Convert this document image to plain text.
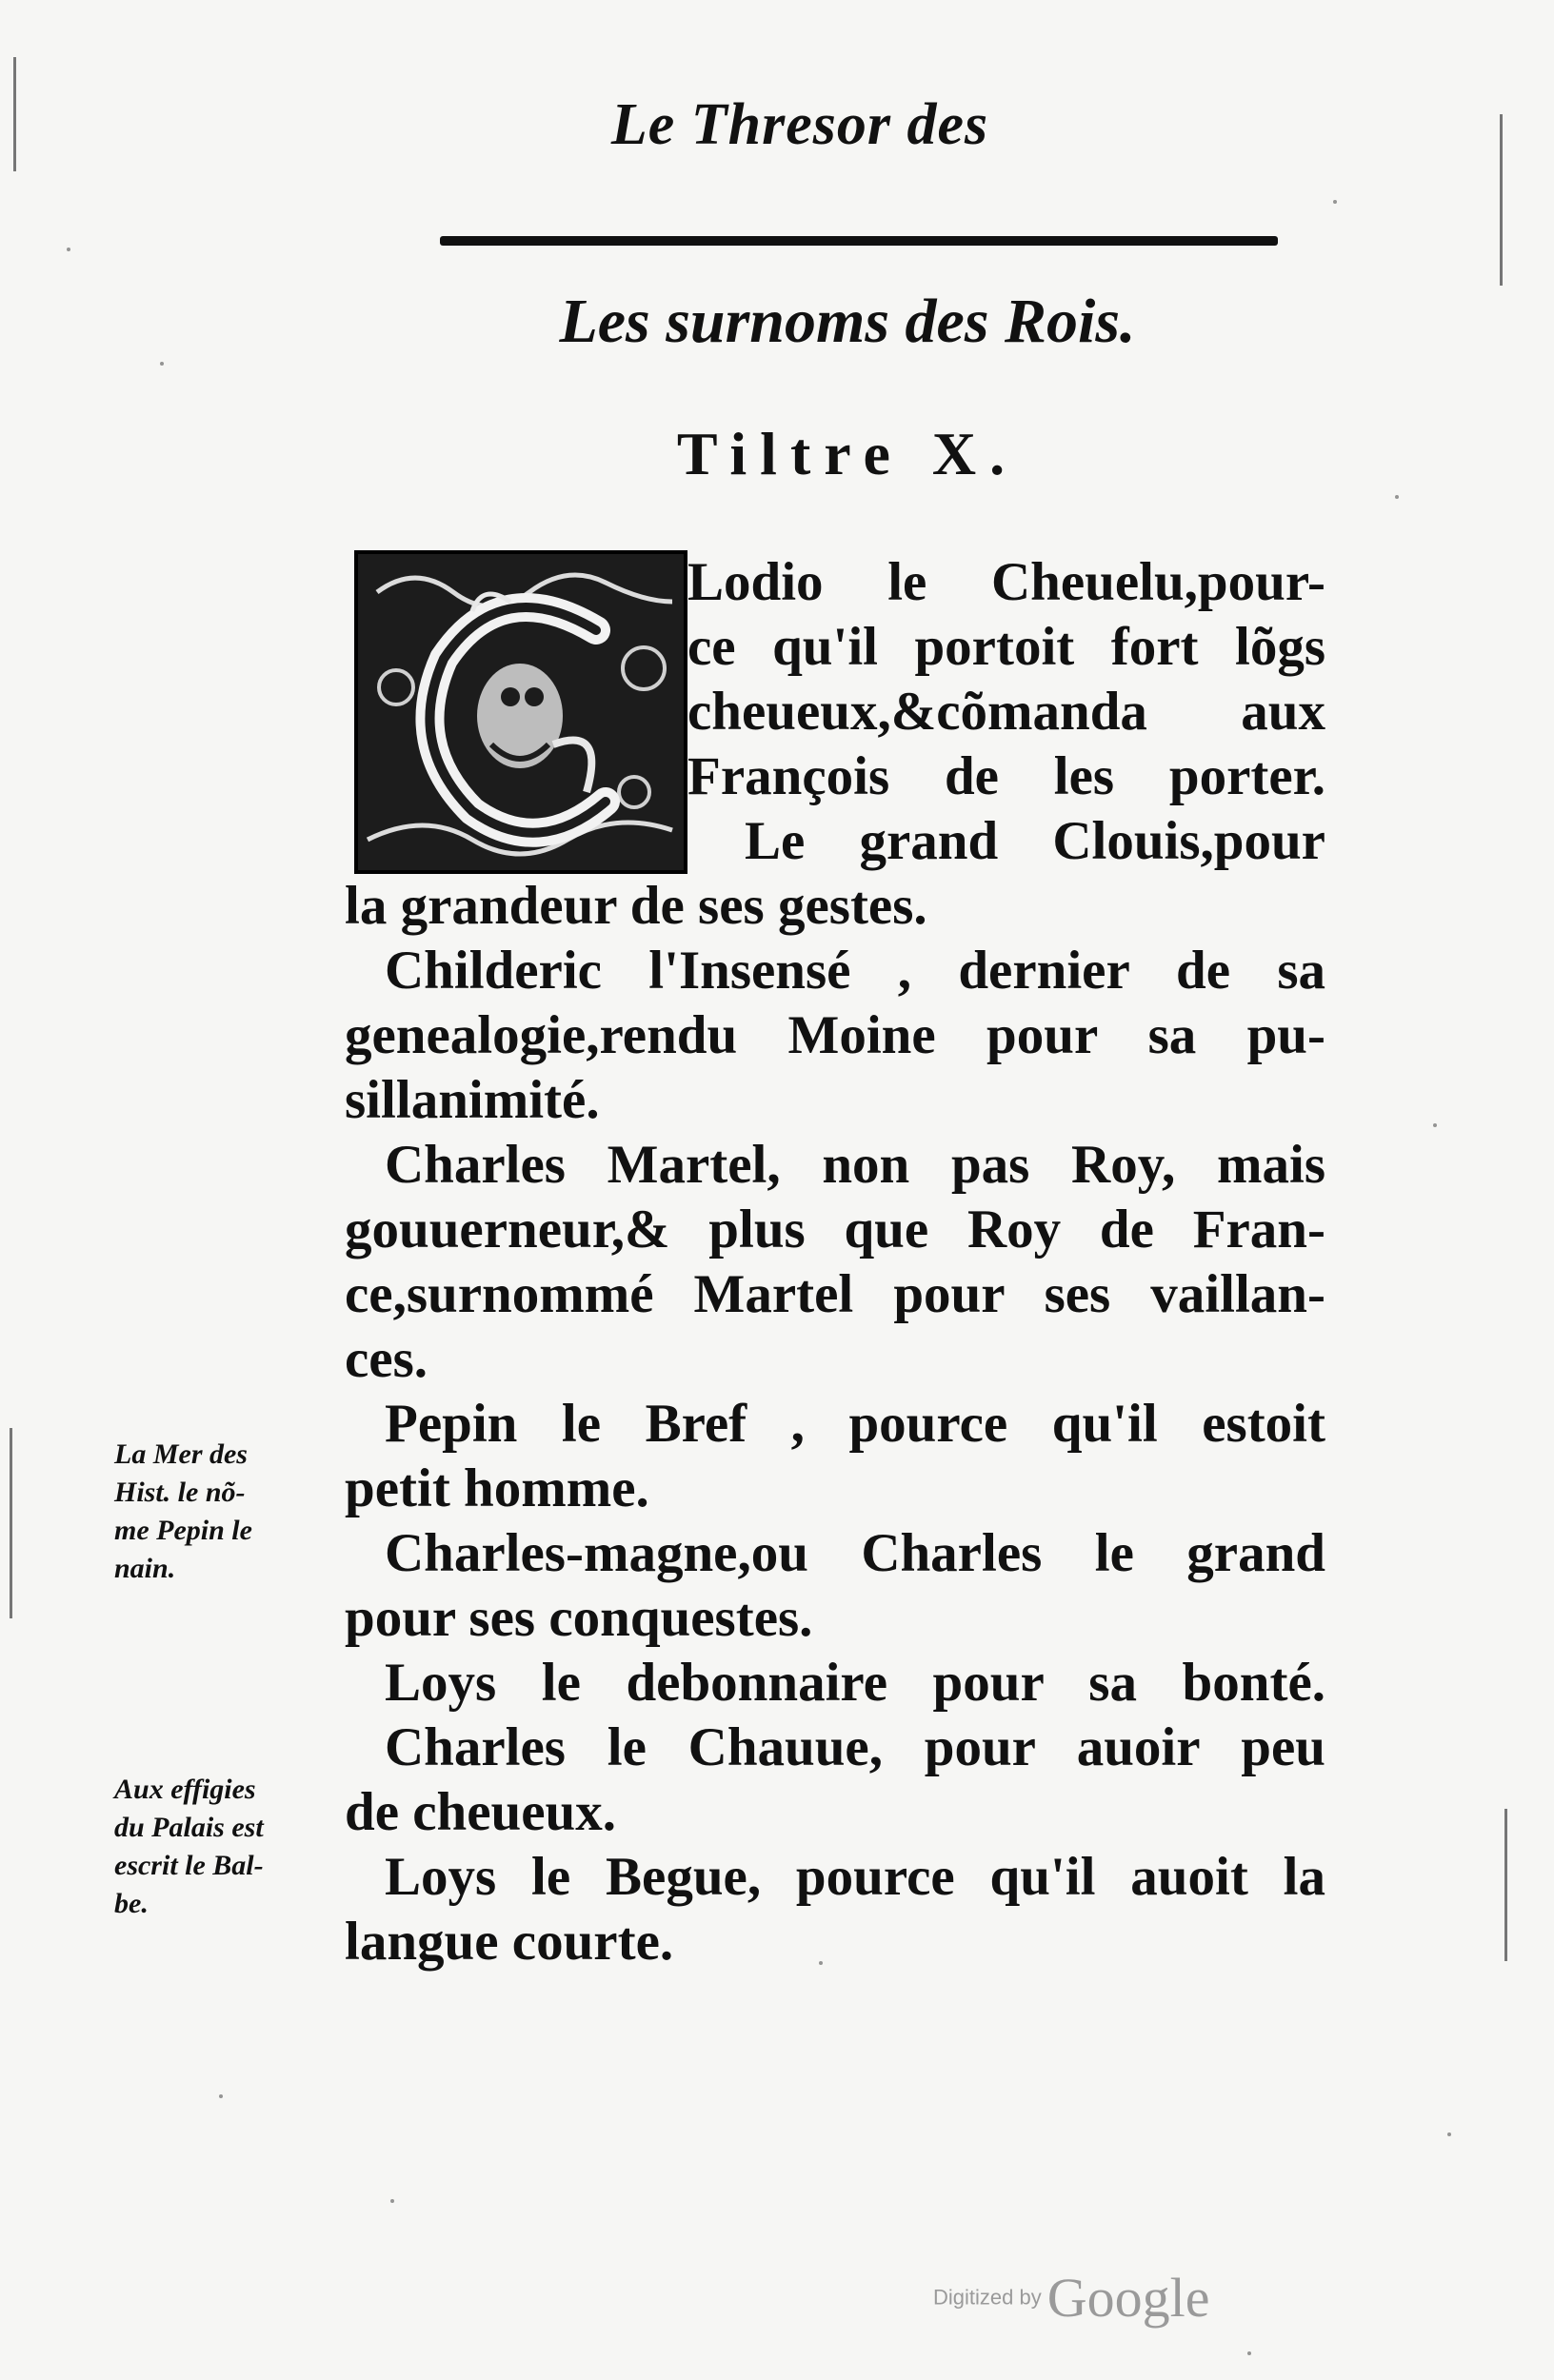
Le Thresor des
Les surnoms des Rois.
Tiltre X.
Lodio le Cheuelu,pour-
ce qu'il portoit fort lõgs
cheueux,&cõmanda aux
François de les porter.
Le grand Clouis,pour
la grandeur de ses gestes.
Childeric l'Insensé , dernier de sa
genealogie,rendu Moine pour sa pu-
sillanimité.
Charles Martel, non pas Roy, mais
gouuerneur,& plus que Roy de Fran-
ce,surnommé Martel pour ses vaillan-
ces.
Pepin le Bref , pource qu'il estoit
petit homme.
Charles-magne,ou Charles le grand
pour ses conquestes.
Loys le debonnaire pour sa bonté.
Charles le Chauue, pour auoir peu
de cheueux.
Loys le Begue, pource qu'il auoit la
langue courte.
La Mer des
Hist. le nõ-
me Pepin le
nain.
Aux effigies
du Palais est
escrit le Bal-
be.
Digitized by Google
